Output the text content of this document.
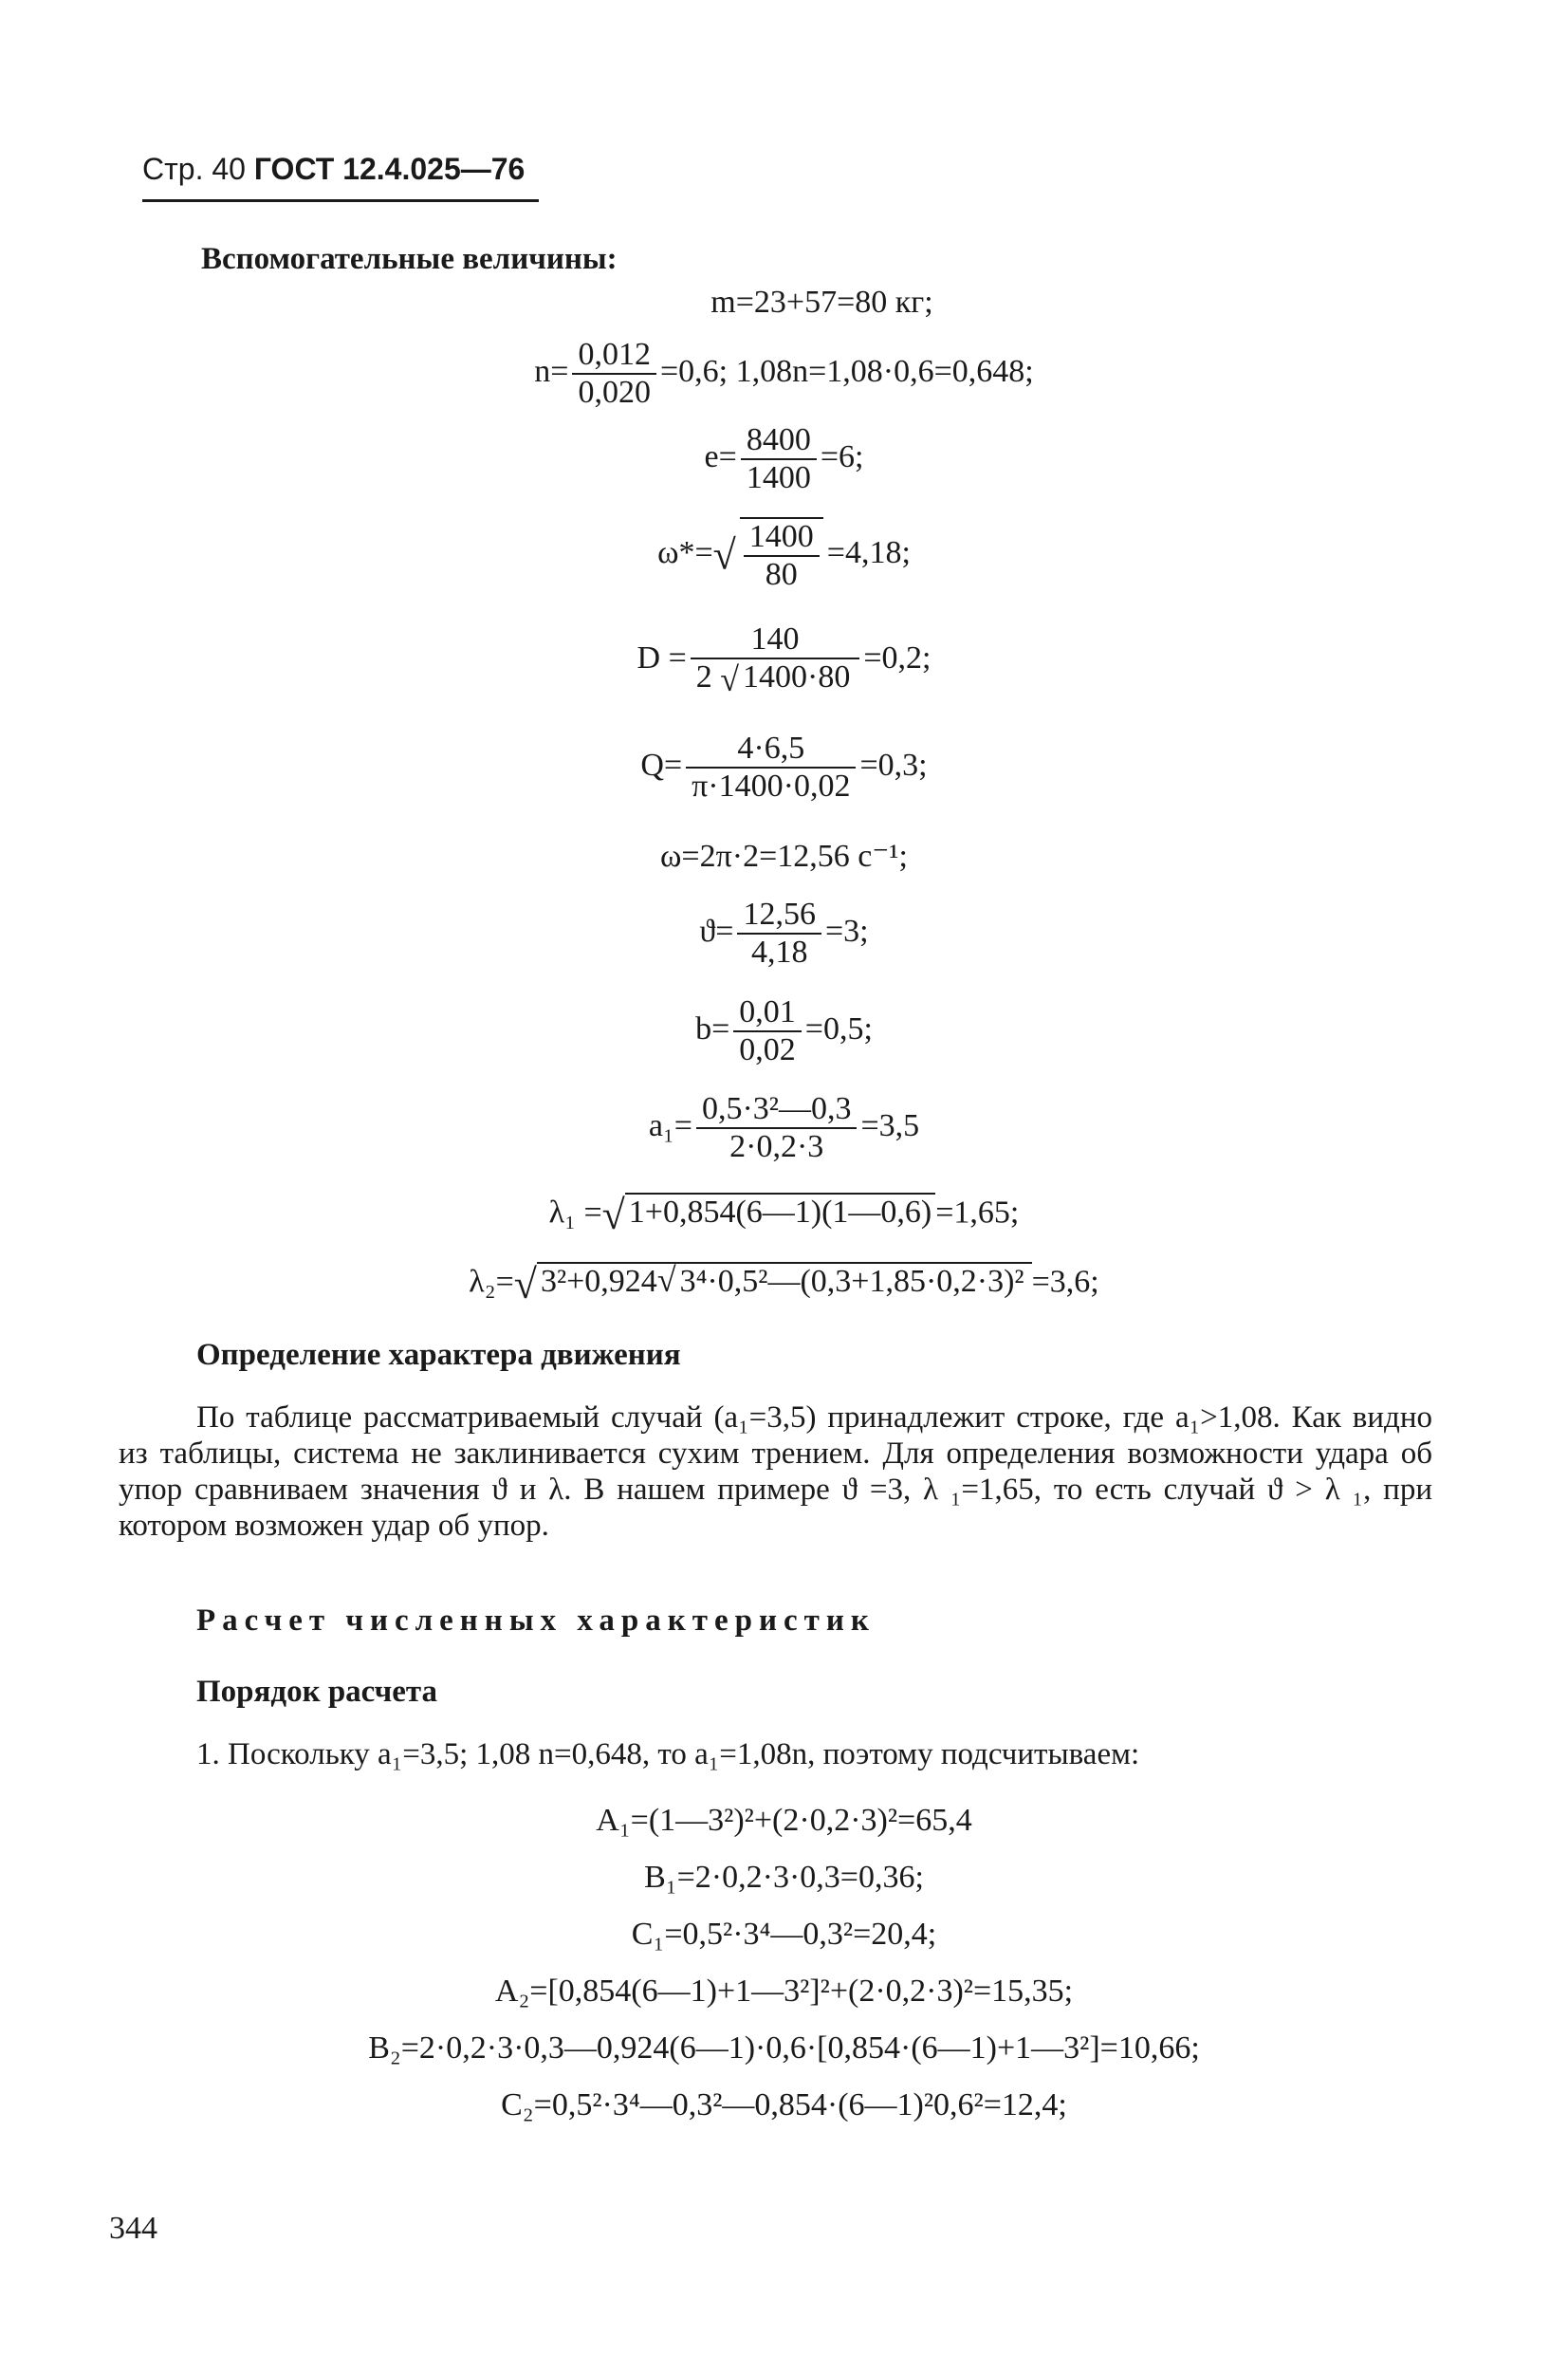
Стр. 40 ГОСТ 12.4.025—76
Вспомогательные величины:
m=23+57=80 кг;
$n= \frac{0,012}{0,020} =0,6$; 1,08n=1,08·0,6=0,648;
$e= \frac{8400}{1400} =6$;
$\omega*=√ \frac{1400}{80} =4,18$;
$D = \frac{140}{2 √ 1400\cdot 80} =0,2$;
$Q= \frac{4\cdot 6,5}{\pi\cdot 1400\cdot 0,02} =0,3$;
ω=2π·2=12,56 с⁻¹;
$ϑ= \frac{12,56}{4,18} =3$;
$b= \frac{0,01}{0,02} =0,5$;
$a_1= \frac{\text{0,5·3²—0,3}}{2\cdot 0,2\cdot 3} =3,5$
λ₁ =√ 1+0,854(6—1)(1—0,6) =1,65;
λ₂=√ 3²+0,924√ 3⁴·0,5²—(0,3+1,85·0,2·3)² =3,6;
Определение характера движения
По таблице рассматриваемый случай (a₁=3,5) принадлежит строке, где a₁>1,08. Как видно из таблицы, система не заклинивается сухим трением. Для определения возможности удара об упор сравниваем значения ϑ и λ. В нашем примере ϑ =3, λ ₁=1,65, то есть случай ϑ > λ ₁, при котором возможен удар об упор.
Расчет численных характеристик
Порядок расчета
1. Поскольку a₁=3,5; 1,08 n=0,648, то a₁=1,08n, поэтому подсчитываем:
A₁=(1—3²)²+(2·0,2·3)²=65,4
B₁=2·0,2·3·0,3=0,36;
C₁=0,5²·3⁴—0,3²=20,4;
A₂=[0,854(6—1)+1—3²]²+(2·0,2·3)²=15,35;
B₂=2·0,2·3·0,3—0,924(6—1)·0,6·[0,854·(6—1)+1—3²]=10,66;
C₂=0,5²·3⁴—0,3²—0,854·(6—1)²0,6²=12,4;
344
